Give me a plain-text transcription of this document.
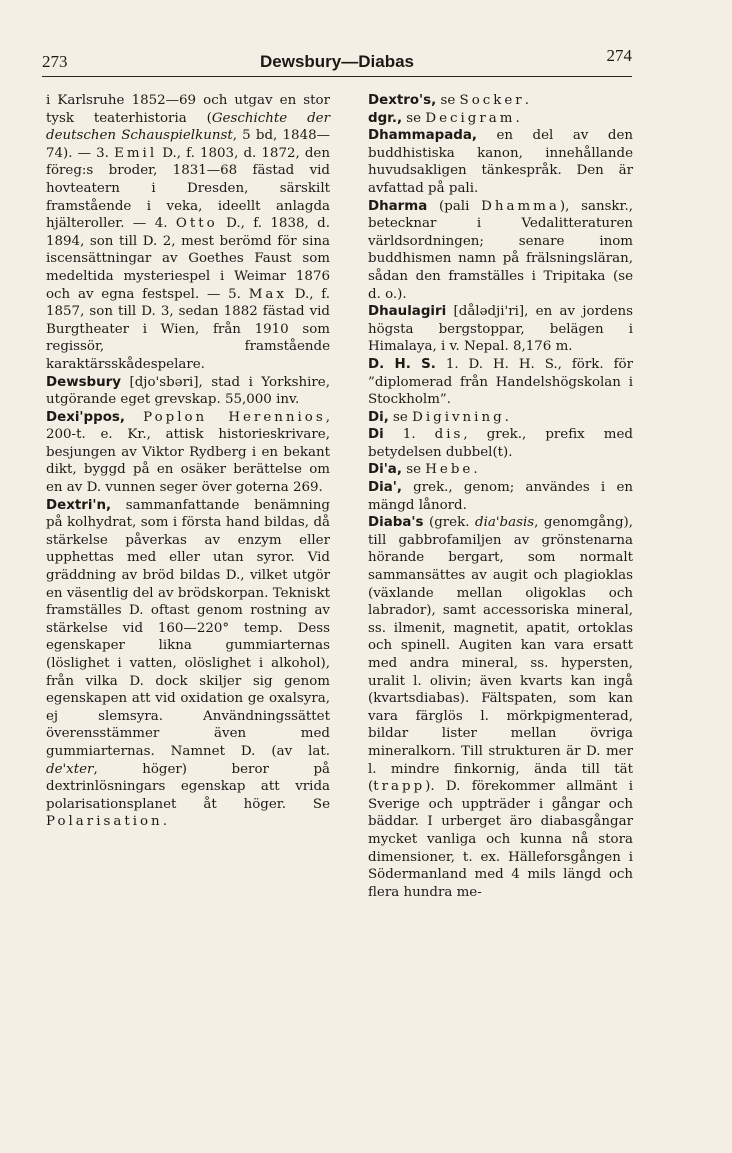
273	Dewsbury—Diabas	274

i Karlsruhe 1852—69 och utgav en stor tysk teaterhistoria (Geschichte der deutschen Schauspielkunst, 5 bd, 1848—74). — 3. Emil D., f. 1803, d. 1872, den föreg:s broder, 1831—68 fästad vid hovteatern i Dresden, särskilt framstående i veka, ideellt anlagda hjälteroller. — 4. Otto D., f. 1838, d. 1894, son till D. 2, mest berömd för sina iscensättningar av Goethes Faust som medeltida mysteriespel i Weimar 1876 och av egna festspel. — 5. Max D., f. 1857, son till D. 3, sedan 1882 fästad vid Burgtheater i Wien, från 1910 som regissör, framstående karaktärsskådespelare.

Dewsbury [djo'sbəri], stad i Yorkshire, utgörande eget grevskap. 55,000 inv.

Dexi'ppos, Poplon Herennios, 200-t. e. Kr., attisk historieskrivare, besjungen av Viktor Rydberg i en bekant dikt, byggd på en osäker berättelse om en av D. vunnen seger över goterna 269.

Dextri'n, sammanfattande benämning på kolhydrat, som i första hand bildas, då stärkelse påverkas av enzym eller upphettas med eller utan syror. Vid gräddning av bröd bildas D., vilket utgör en väsentlig del av brödskorpan. Tekniskt framställes D. oftast genom rostning av stärkelse vid 160—220° temp. Dess egenskaper likna gummiarternas (löslighet i vatten, olöslighet i alkohol), från vilka D. dock skiljer sig genom egenskapen att vid oxidation ge oxalsyra, ej slemsyra. Användningssättet överensstämmer även med gummiarternas. Namnet D. (av lat. de'xter, höger) beror på dextrinlösningars egenskap att vrida polarisationsplanet åt höger. Se Polarisation.

Dextro's, se Socker.

dgr., se Decigram.

Dhammapada, en del av den buddhistiska kanon, innehållande huvudsakligen tänkespråk. Den är avfattad på pali.

Dharma (pali Dhamma), sanskr., betecknar i Vedalitteraturen världsordningen; senare inom buddhismen namn på frälsningsläran, sådan den framställes i Tripitaka (se d. o.).

Dhaulagiri [dålədji'ri], en av jordens högsta bergstoppar, belägen i Himalaya, i v. Nepal. 8,176 m.

D. H. S. 1. D. H. H. S., förk. för ”diplomerad från Handelshögskolan i Stockholm”.

Di, se Digivning.

Di 1. dis, grek., prefix med betydelsen dubbel(t).

Di'a, se Hebe.

Dia', grek., genom; användes i en mängd lånord.

Diaba's (grek. dia'basis, genomgång), till gabbrofamiljen av grönstenarna hörande bergart, som normalt sammansättes av augit och plagioklas (växlande mellan oligoklas och labrador), samt accessoriska mineral, ss. ilmenit, magnetit, apatit, ortoklas och spinell. Augiten kan vara ersatt med andra mineral, ss. hypersten, uralit l. olivin; även kvarts kan ingå (kvartsdiabas). Fältspaten, som kan vara färglös l. mörkpigmenterad, bildar lister mellan övriga mineralkorn. Till strukturen är D. mer l. mindre finkornig, ända till tät (trapp). D. förekommer allmänt i Sverige och uppträder i gångar och bäddar. I urberget äro diabasgångar mycket vanliga och kunna nå stora dimensioner, t. ex. Hälleforsgången i Södermanland med 4 mils längd och flera hundra me-
